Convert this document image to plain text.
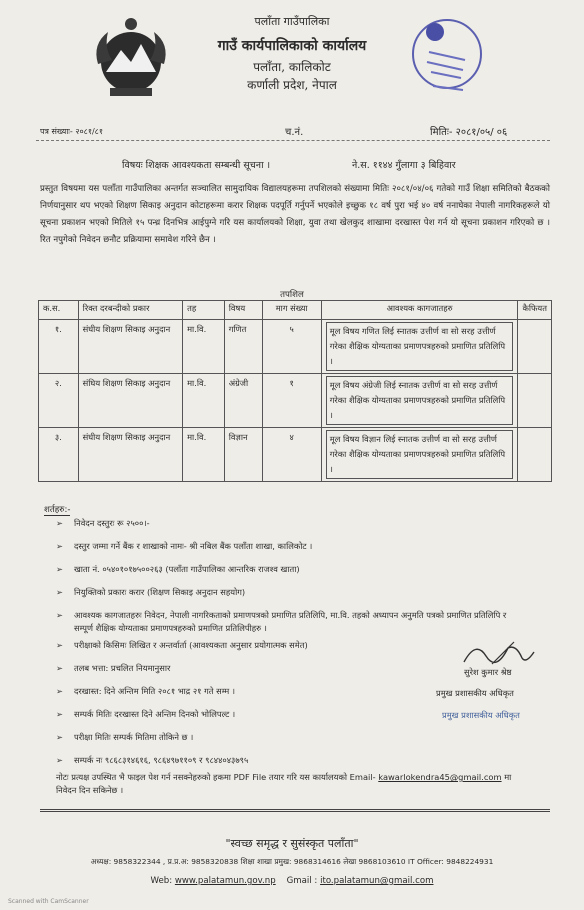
पलाँता गाउँपालिका
गाउँ कार्यपालिकाको कार्यालय
पलाँता, कालिकोट
कर्णाली प्रदेश, नेपाल
पत्र संख्याः- २०८१/८१	च.नं.	मितिः- २०८१/०५/ ०६
विषयः शिक्षक आवश्यकता सम्बन्धी सूचना ।	ने.स. ११४४ गुँलागा ३ बिहिवार
प्रस्तुत विषयमा यस पलाँता गाउँपालिका अन्तर्गत सञ्चालित सामुदायिक विद्यालयहरूमा तपशिलको संख्यामा मितिः २०८१/०४/०६ गतेको गाउँ शिक्षा समितिको बैठकको निर्णयानुसार थप भएको शिक्षण सिकाइ अनुदान कोटाहरूमा करार शिक्षक पदपूर्ति गर्नुपर्ने भएकोले इच्छुक १८ वर्ष पुरा भई ४० वर्ष ननाघेका नेपाली नागरिकहरूले यो सूचना प्रकाशन भएको मितिले १५ पन्ध्र दिनभित्र आईपुग्ने गरि यस कार्यालयको शिक्षा, युवा तथा खेलकुद शाखामा दरखास्त पेश गर्न यो सूचना प्रकाशन गरिएको छ । रित नपुगेको निवेदन छनौट प्रक्रियामा समावेश गरिने छैन ।
तपशिल
क.स.	रिक्त दरबन्दीको प्रकार	तह	विषय	माग संख्या	आवश्यक कागजातहरु	कैफियत
१.	संघीय शिक्षण सिकाइ अनुदान	मा.वि.	गणित	५	मूल विषय गणित लिई स्नातक उत्तीर्ण वा सो सरह उत्तीर्ण गरेका शैक्षिक योग्यताका प्रमाणपत्रहरुको प्रमाणित प्रतिलिपि ।	

२.	संघिय शिक्षण सिकाइ अनुदान	मा.वि.	अंग्रेजी	१	मूल विषय अंग्रेजी लिई स्नातक उत्तीर्ण वा सो सरह उत्तीर्ण गरेका शैक्षिक योग्यताका प्रमाणपत्रहरुको प्रमाणित प्रतिलिपि ।	

३.	संघीय शिक्षण सिकाइ अनुदान	मा.वि.	विज्ञान	४	मूल विषय विज्ञान लिई स्नातक उत्तीर्ण वा सो सरह उत्तीर्ण गरेका शैक्षिक योग्यताका प्रमाणपत्रहरुको प्रमाणित प्रतिलिपि ।	

शर्तहरु:-
➢ निवेदन दस्तुरः रू २५००।-
➢ दस्तुर जम्मा गर्ने बैंक र शाखाको नामः- श्री नबिल बैंक पलाँता शाखा, कालिकोट ।
➢ खाता नं. ०५४०१०१७५००२६३ (पलाँता गाउँपालिका आन्तरिक राजश्व खाता)
➢ नियुक्तिको प्रकारः करार (शिक्षण सिकाइ अनुदान सहयोग)
➢ आवश्यक कागजातहरुः निवेदन, नेपाली नागरिकताको प्रमाणपत्रको प्रमाणित प्रतिलिपि, मा.वि. तहको अध्यापन अनुमति पत्रको प्रमाणित प्रतिलिपि र सम्पूर्ण शैक्षिक योग्यताका प्रमाणपत्रहरुको प्रमाणित प्रतिलिपीहरु ।
➢ परीक्षाको किसिमः लिखित र अन्तर्वार्ता (आवश्यकता अनुसार प्रयोगात्मक समेत)
➢ तलब भत्ता: प्रचलित नियमानुसार
➢ दरखास्त: दिने अन्तिम मिति २०८१ भाद्र २१ गते सम्म ।
➢ सम्पर्क मितिः दरखास्त दिने अन्तिम दिनको भोलिपल्ट ।
➢ परीक्षा मितिः सम्पर्क मितिमा तोकिने छ ।
➢ सम्पर्क नः ९८६८३१४६१६, ९८६४९७११०९ र ९८४४०४३७९५
नोटः प्रत्यक्ष उपस्थित भै फाइल पेश गर्न नसक्नेहरुको हकमा PDF File तयार गरि यस कार्यालयको Email- kawarlokendra45@gmail.com मा निवेदन दिन सकिनेछ ।
सुरेश कुमार श्रेष्ठ
प्रमुख प्रशासकीय अधिकृत
प्रमुख प्रशासकीय अधिकृत
"स्वच्छ समृद्ध र सुसंस्कृत पलाँता"
अध्यक्ष: 9858322344 , प्र.प्र.अ: 9858320838 शिक्षा शाखा प्रमुख: 9868314616 लेखा 9868103610 IT Officer: 9848224931
Web: www.palatamun.gov.np Gmail : ito.palatamun@gmail.com
Scanned with CamScanner
